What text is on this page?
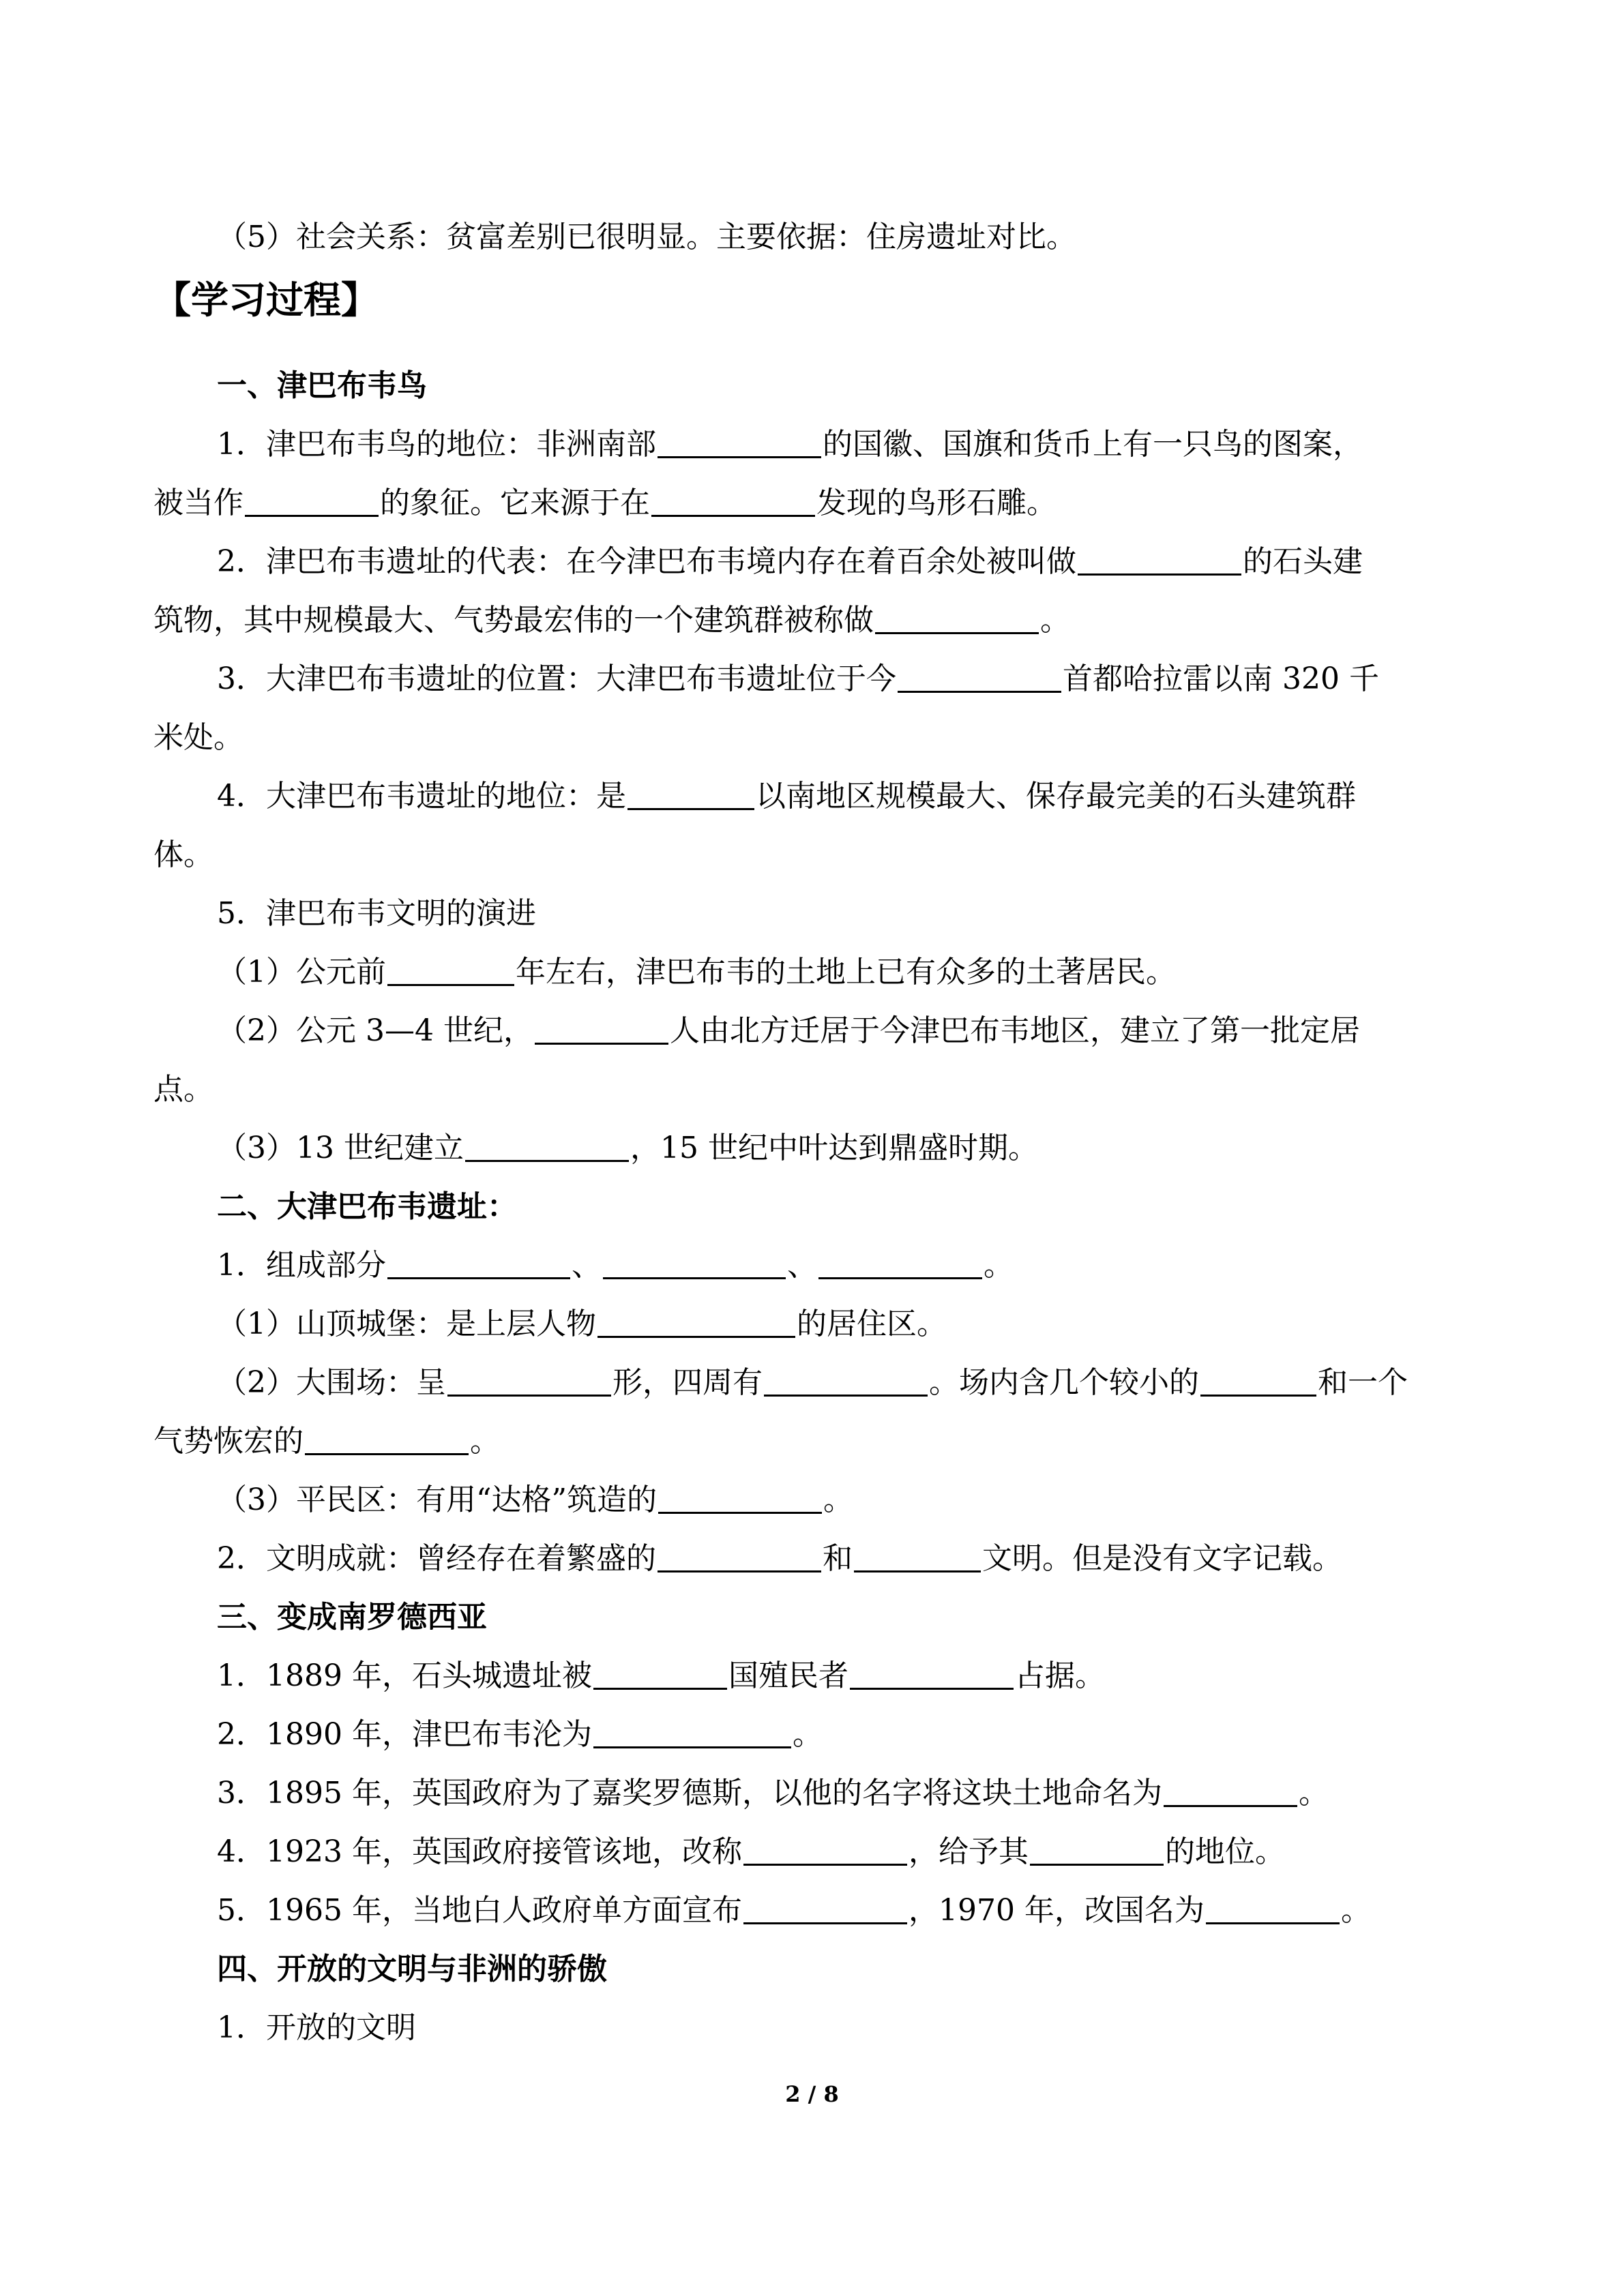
（5）社会关系：贫富差别已很明显。主要依据：住房遗址对比。

【学习过程】

一、津巴布韦鸟

1．津巴布韦鸟的地位：非洲南部	的国徽、国旗和货币上有一只鸟的图案，

被当作	的象征。它来源于在	发现的鸟形石雕。

2．津巴布韦遗址的代表：在今津巴布韦境内存在着百余处被叫做	的石头建

筑物，其中规模最大、气势最宏伟的一个建筑群被称做	。

3．大津巴布韦遗址的位置：大津巴布韦遗址位于今	首都哈拉雷以南 320 千

米处。

4．大津巴布韦遗址的地位：是	以南地区规模最大、保存最完美的石头建筑群

体。

5．津巴布韦文明的演进

（1）公元前	年左右，津巴布韦的土地上已有众多的土著居民。

（2）公元 3—4 世纪，	人由北方迁居于今津巴布韦地区，建立了第一批定居

点。

（3）13 世纪建立	，15 世纪中叶达到鼎盛时期。

二、大津巴布韦遗址：

1．组成部分	、	、	。

（1）山顶城堡：是上层人物	的居住区。

（2）大围场：呈	形，四周有	。场内含几个较小的	和一个

气势恢宏的	。

（3）平民区：有用“达格”筑造的	。

2．文明成就：曾经存在着繁盛的	和	文明。但是没有文字记载。

三、变成南罗德西亚

1．1889 年，石头城遗址被	国殖民者	占据。

2．1890 年，津巴布韦沦为	。

3．1895 年，英国政府为了嘉奖罗德斯，以他的名字将这块土地命名为	。

4．1923 年，英国政府接管该地，改称	，给予其	的地位。

5．1965 年，当地白人政府单方面宣布	，1970 年，改国名为	。

四、开放的文明与非洲的骄傲

1．开放的文明

2 / 8
